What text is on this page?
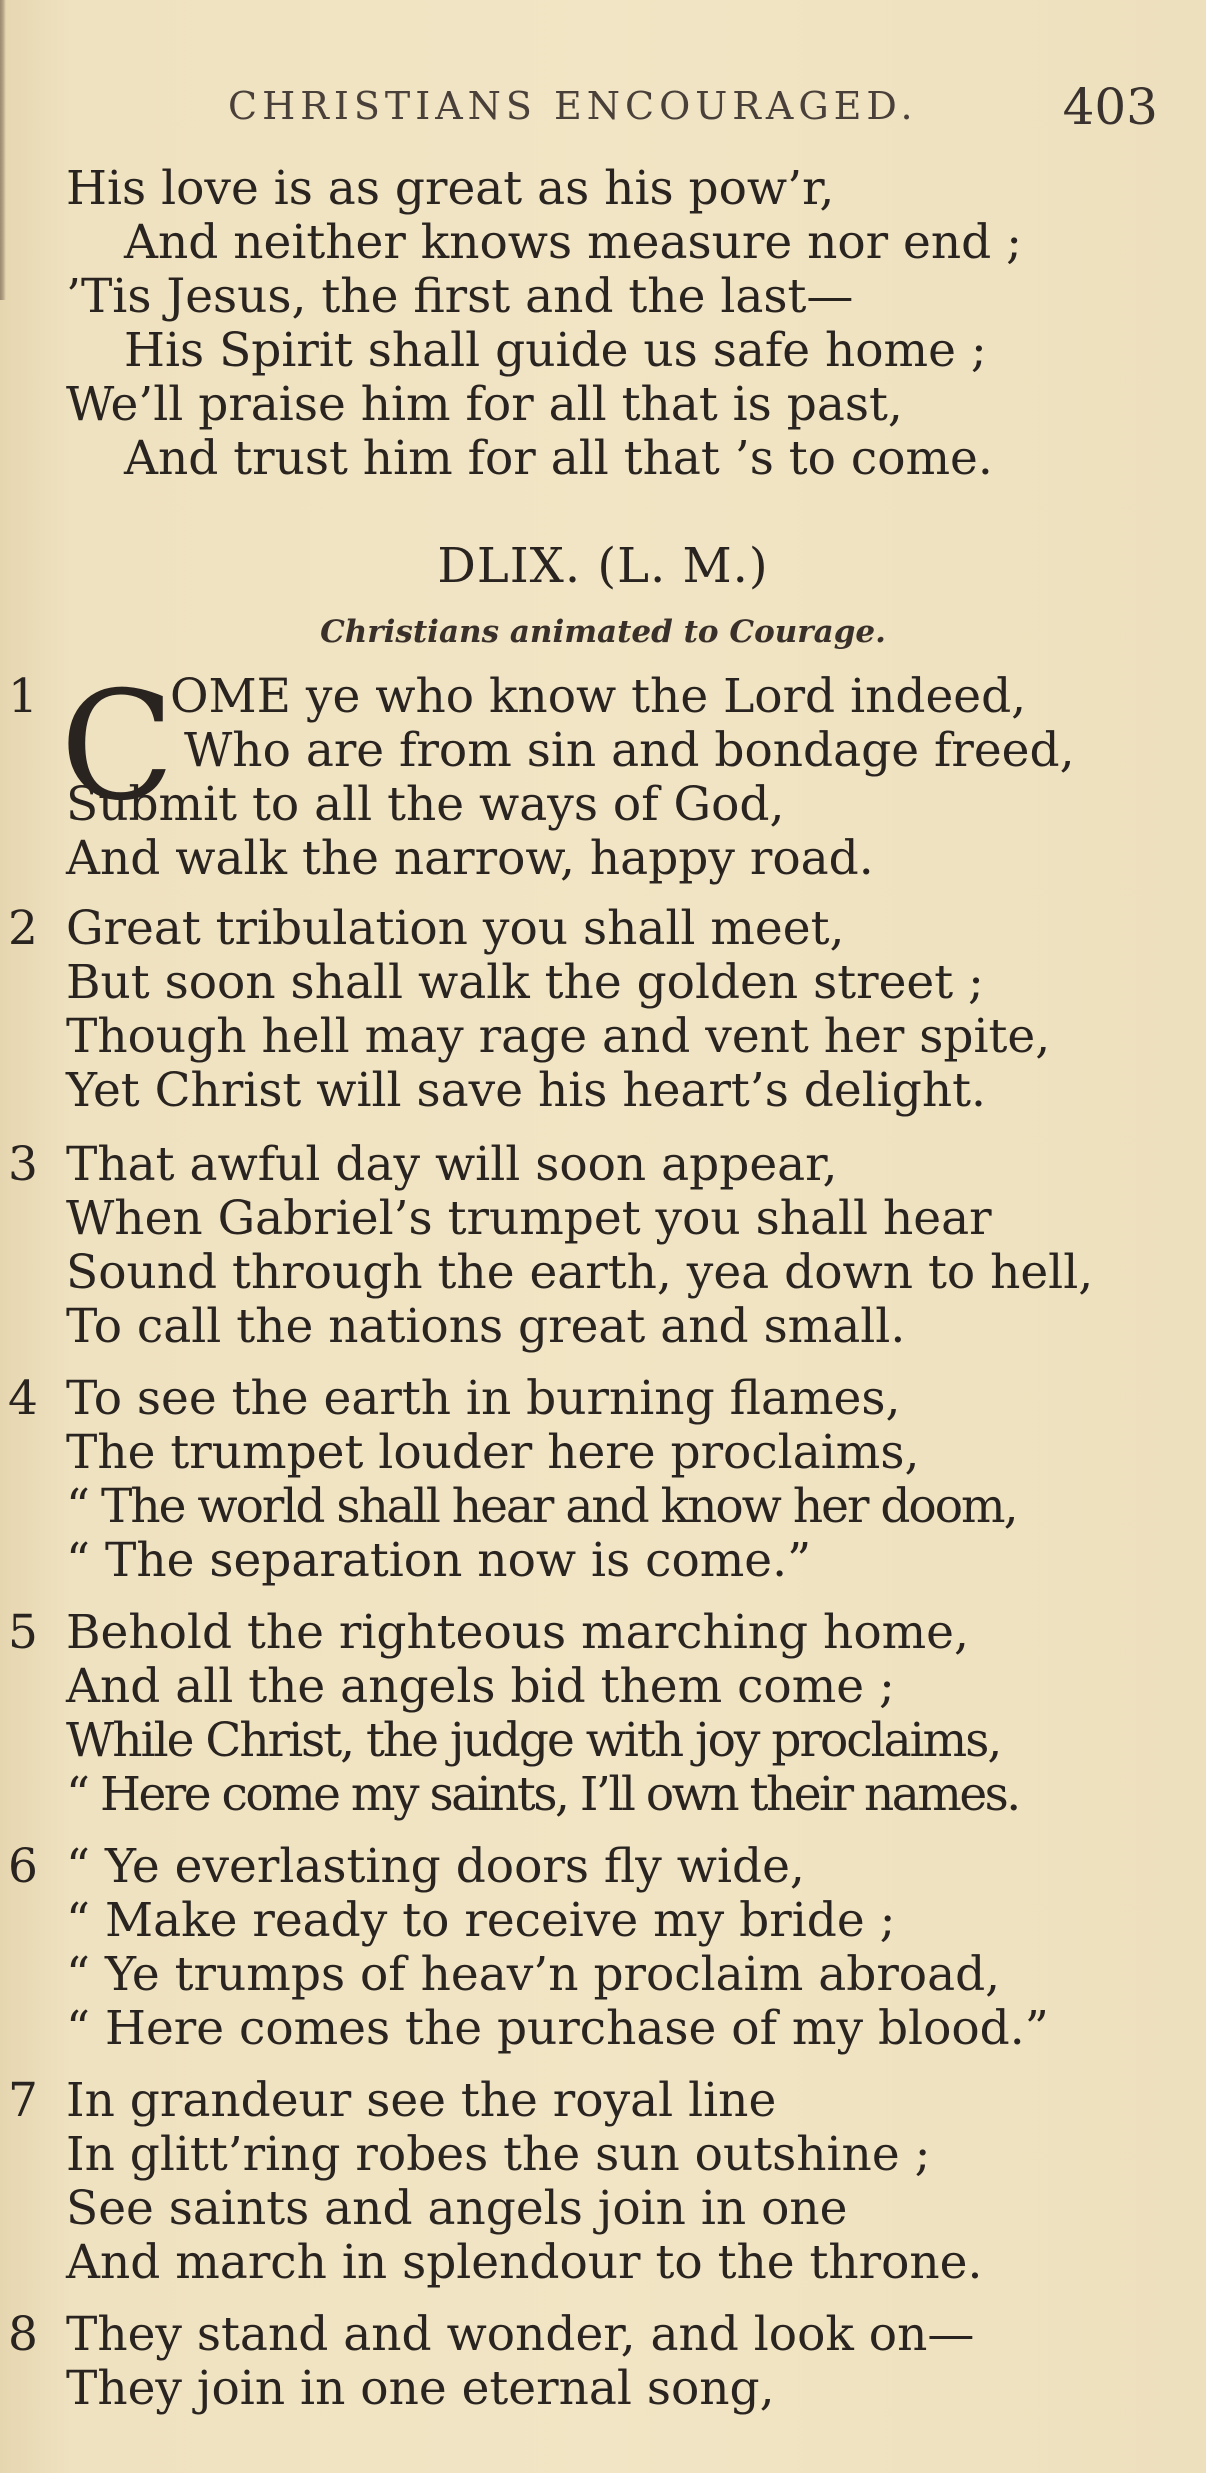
CHRISTIANS ENCOURAGED.	403
His love is as great as his pow’r,
And neither knows measure nor end ;
’Tis Jesus, the first and the last—
His Spirit shall guide us safe home ;
We’ll praise him for all that is past,
And trust him for all that ’s to come.
DLIX. (L. M.)
Christians animated to Courage.
1 C
OME ye who know the Lord indeed,
Who are from sin and bondage freed,
Submit to all the ways of God,
And walk the narrow, happy road.
2 Great tribulation you shall meet,
But soon shall walk the golden street ;
Though hell may rage and vent her spite,
Yet Christ will save his heart’s delight.
3 That awful day will soon appear,
When Gabriel’s trumpet you shall hear
Sound through the earth, yea down to hell,
To call the nations great and small.
4 To see the earth in burning flames,
The trumpet louder here proclaims,
“ The world shall hear and know her doom,
“ The separation now is come.”
5 Behold the righteous marching home,
And all the angels bid them come ;
While Christ, the judge with joy proclaims,
“ Here come my saints, I’ll own their names.
6 “ Ye everlasting doors fly wide,
“ Make ready to receive my bride ;
“ Ye trumps of heav’n proclaim abroad,
“ Here comes the purchase of my blood.”
7 In grandeur see the royal line
In glitt’ring robes the sun outshine ;
See saints and angels join in one
And march in splendour to the throne.
8 They stand and wonder, and look on—
They join in one eternal song,
